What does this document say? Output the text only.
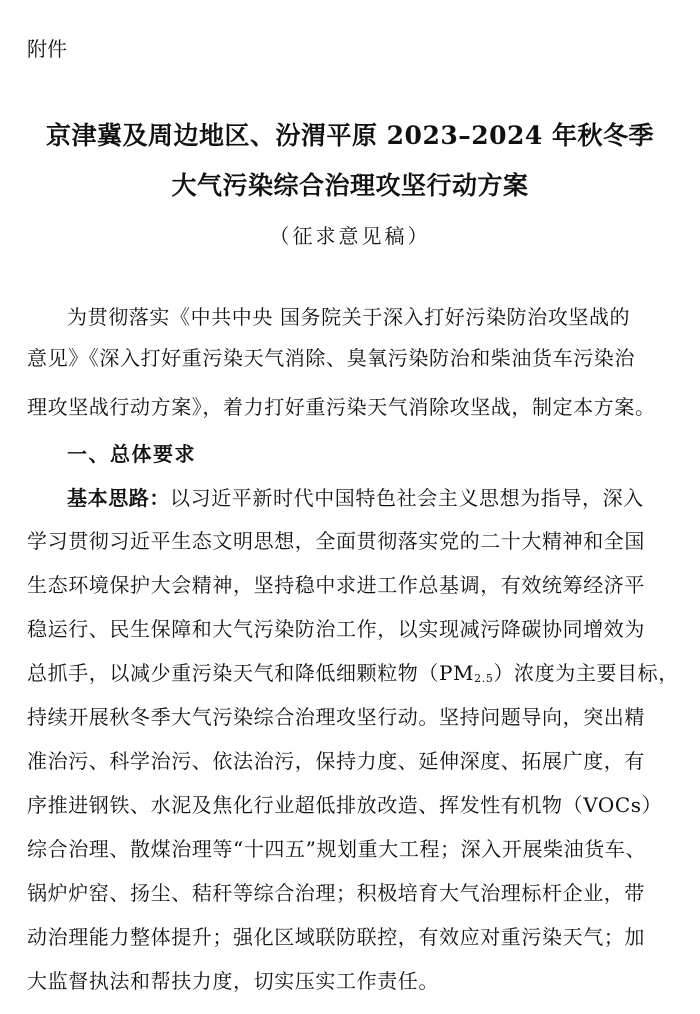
附件
京津冀及周边地区、汾渭平原 2023–2024 年秋冬季
大气污染综合治理攻坚行动方案
（征求意见稿）
为贯彻落实《中共中央 国务院关于深入打好污染防治攻坚战的
意见》《深入打好重污染天气消除、臭氧污染防治和柴油货车污染治
理攻坚战行动方案》，着力打好重污染天气消除攻坚战，制定本方案。
一、总体要求
基本思路：以习近平新时代中国特色社会主义思想为指导，深入
学习贯彻习近平生态文明思想，全面贯彻落实党的二十大精神和全国
生态环境保护大会精神，坚持稳中求进工作总基调，有效统筹经济平
稳运行、民生保障和大气污染防治工作，以实现减污降碳协同增效为
总抓手，以减少重污染天气和降低细颗粒物（PM2.5）浓度为主要目标，
持续开展秋冬季大气污染综合治理攻坚行动。坚持问题导向，突出精
准治污、科学治污、依法治污，保持力度、延伸深度、拓展广度，有
序推进钢铁、水泥及焦化行业超低排放改造、挥发性有机物（VOCs）
综合治理、散煤治理等“十四五”规划重大工程；深入开展柴油货车、
锅炉炉窑、扬尘、秸秆等综合治理；积极培育大气治理标杆企业，带
动治理能力整体提升；强化区域联防联控，有效应对重污染天气；加
大监督执法和帮扶力度，切实压实工作责任。
